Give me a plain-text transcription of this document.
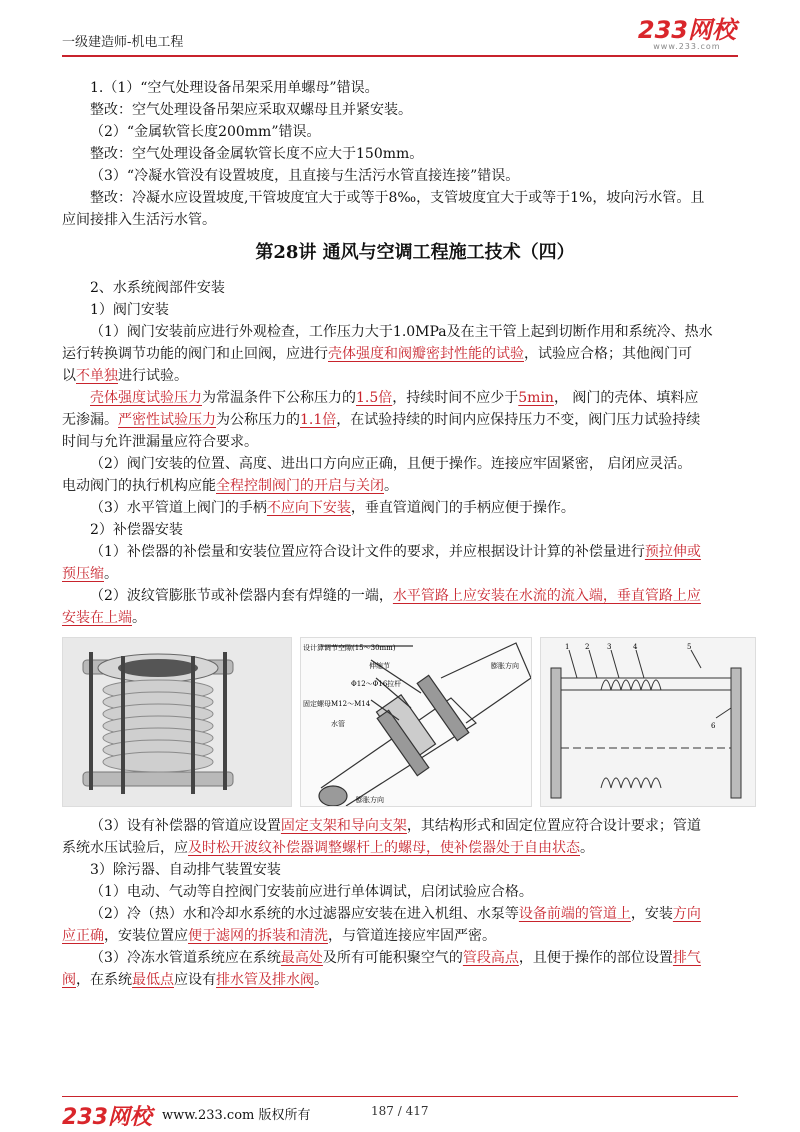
一级建造师-机电工程	233网校
www.233.com

1.（1）“空气处理设备吊架采用单螺母”错误。

整改：空气处理设备吊架应采取双螺母且并紧安装。

（2）“金属软管长度200mm”错误。

整改：空气处理设备金属软管长度不应大于150mm。

（3）“冷凝水管没有设置坡度，且直接与生活污水管直接连接”错误。

整改：冷凝水应设置坡度,干管坡度宜大于或等于8‰，支管坡度宜大于或等于1%，坡向污水管。且

应间接排入生活污水管。

第28讲 通风与空调工程施工技术（四）

2、水系统阀部件安装

1）阀门安装

（1）阀门安装前应进行外观检查，工作压力大于1.0MPa及在主干管上起到切断作用和系统冷、热水

运行转换调节功能的阀门和止回阀，应进行壳体强度和阀瓣密封性能的试验，试验应合格；其他阀门可

以不单独进行试验。

壳体强度试验压力为常温条件下公称压力的1.5倍，持续时间不应少于5min， 阀门的壳体、填料应

无渗漏。严密性试验压力为公称压力的1.1倍，在试验持续的时间内应保持压力不变，阀门压力试验持续

时间与允许泄漏量应符合要求。

（2）阀门安装的位置、高度、进出口方向应正确，且便于操作。连接应牢固紧密， 启闭应灵活。

电动阀门的执行机构应能全程控制阀门的开启与关闭。

（3）水平管道上阀门的手柄不应向下安装，垂直管道阀门的手柄应便于操作。

2）补偿器安装

（1）补偿器的补偿量和安装位置应符合设计文件的要求，并应根据设计计算的补偿量进行预拉伸或

预压缩。

（2）波纹管膨胀节或补偿器内套有焊缝的一端，水平管路上应安装在水流的流入端，垂直管路上应

安装在上端。

设计算调节空隙(15～30mm)
伸缩节
Φ12～Φ16拉杆
固定螺母M12～M14
水管
膨胀方向
膨胀方向
1 2	3	4	5
6

（3）设有补偿器的管道应设置固定支架和导向支架，其结构形式和固定位置应符合设计要求；管道

系统水压试验后，应及时松开波纹补偿器调整螺杆上的螺母，使补偿器处于自由状态。

3）除污器、自动排气装置安装

（1）电动、气动等自控阀门安装前应进行单体调试，启闭试验应合格。

（2）冷（热）水和冷却水系统的水过滤器应安装在进入机组、水泵等设备前端的管道上，安装方向

应正确，安装位置应便于滤网的拆装和清洗，与管道连接应牢固严密。

（3）冷冻水管道系统应在系统最高处及所有可能积聚空气的管段高点，且便于操作的部位设置排气

阀，在系统最低点应设有排水管及排水阀。

233网校 www.233.com 版权所有	187 / 417
